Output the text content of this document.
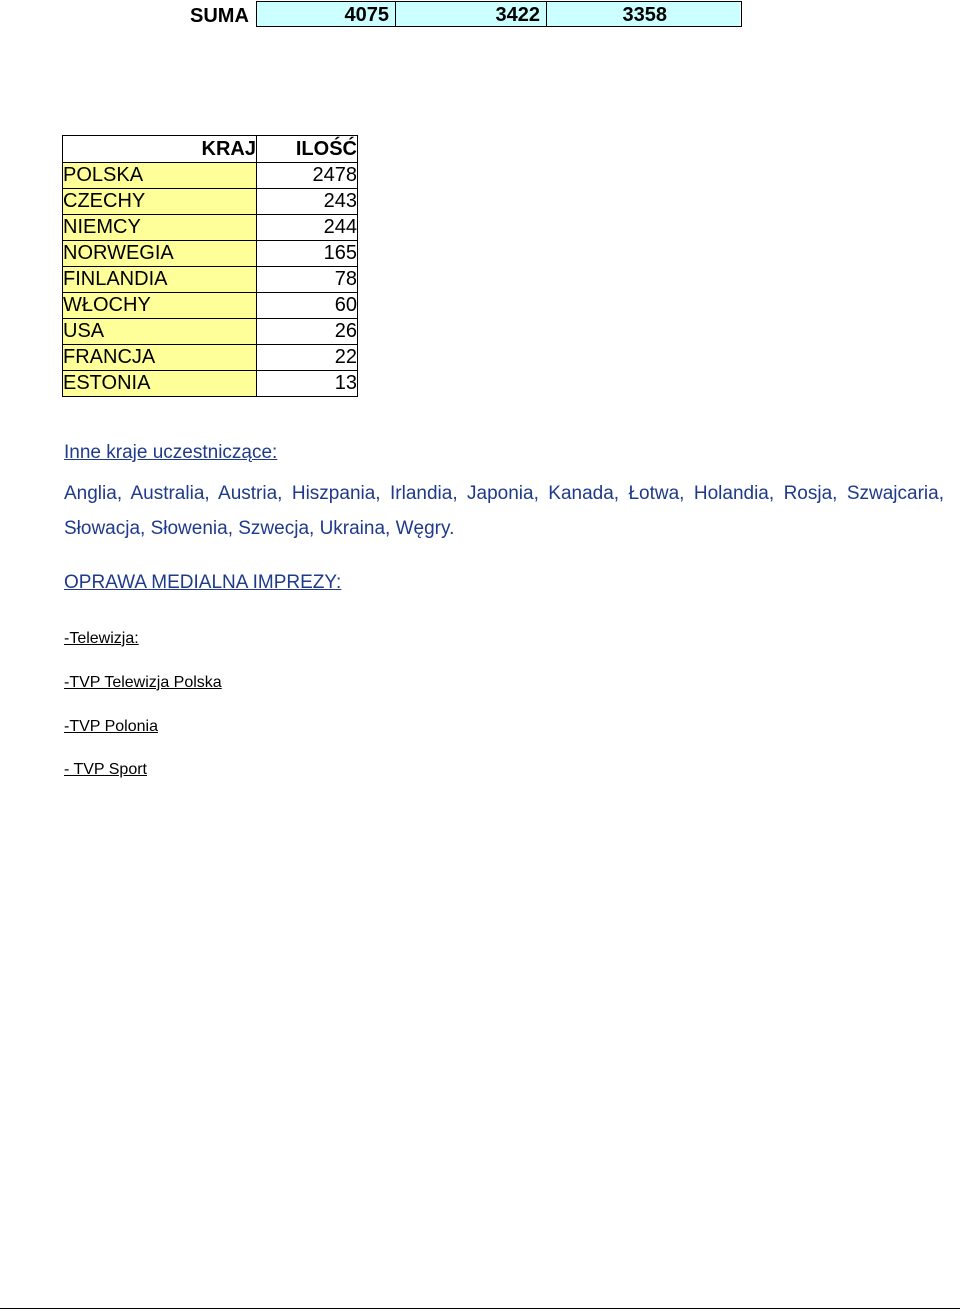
SUMA	4075	3422	3358
KRAJ	ILOŚĆ
POLSKA	2478
CZECHY	243
NIEMCY	244
NORWEGIA	165
FINLANDIA	78
WŁOCHY	60
USA	26
FRANCJA	22
ESTONIA	13
Inne kraje uczestniczące:
Anglia, Australia, Austria, Hiszpania, Irlandia, Japonia, Kanada, Łotwa, Holandia, Rosja, Szwajcaria, Słowacja, Słowenia, Szwecja, Ukraina, Węgry.
OPRAWA MEDIALNA IMPREZY:
-Telewizja:
-TVP Telewizja Polska
-TVP Polonia
- TVP Sport
